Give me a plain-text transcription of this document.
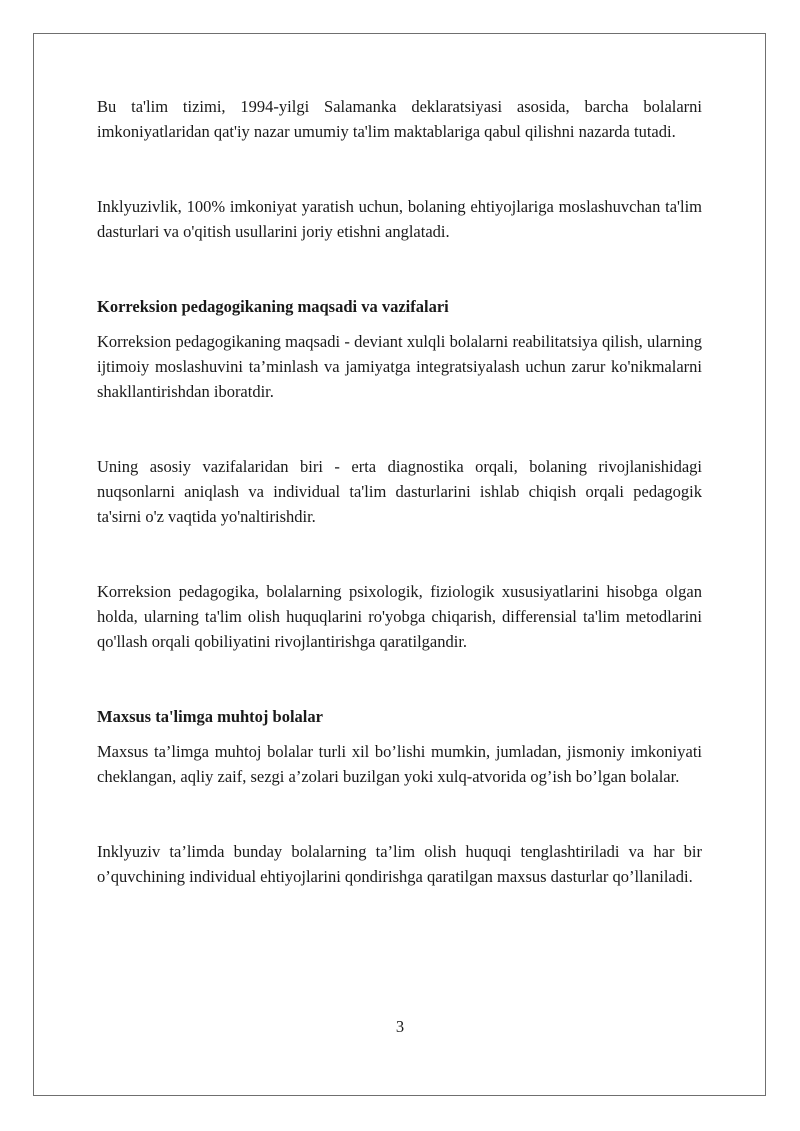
Bu ta'lim tizimi, 1994-yilgi Salamanka deklaratsiyasi asosida, barcha bolalarni imkoniyatlaridan qat'iy nazar umumiy ta'lim maktablariga qabul qilishni nazarda tutadi.

Inklyuzivlik, 100% imkoniyat yaratish uchun, bolaning ehtiyojlariga moslashuvchan ta'lim dasturlari va o'qitish usullarini joriy etishni anglatadi.

Korreksion pedagogikaning maqsadi va vazifalari

Korreksion pedagogikaning maqsadi - deviant xulqli bolalarni reabilitatsiya qilish, ularning ijtimoiy moslashuvini ta’minlash va jamiyatga integratsiyalash uchun zarur ko'nikmalarni shakllantirishdan iboratdir.

Uning asosiy vazifalaridan biri - erta diagnostika orqali, bolaning rivojlanishidagi nuqsonlarni aniqlash va individual ta'lim dasturlarini ishlab chiqish orqali pedagogik ta'sirni o'z vaqtida yo'naltirishdir.

Korreksion pedagogika, bolalarning psixologik, fiziologik xususiyatlarini hisobga olgan holda, ularning ta'lim olish huquqlarini ro'yobga chiqarish, differensial ta'lim metodlarini qo'llash orqali qobiliyatini rivojlantirishga qaratilgandir.

Maxsus ta'limga muhtoj bolalar

Maxsus ta’limga muhtoj bolalar turli xil bo’lishi mumkin, jumladan, jismoniy imkoniyati cheklangan, aqliy zaif, sezgi a’zolari buzilgan yoki xulq-atvorida og’ish bo’lgan bolalar.

Inklyuziv ta’limda bunday bolalarning ta’lim olish huquqi tenglashtiriladi va har bir o’quvchining individual ehtiyojlarini qondirishga qaratilgan maxsus dasturlar qo’llaniladi.

3
